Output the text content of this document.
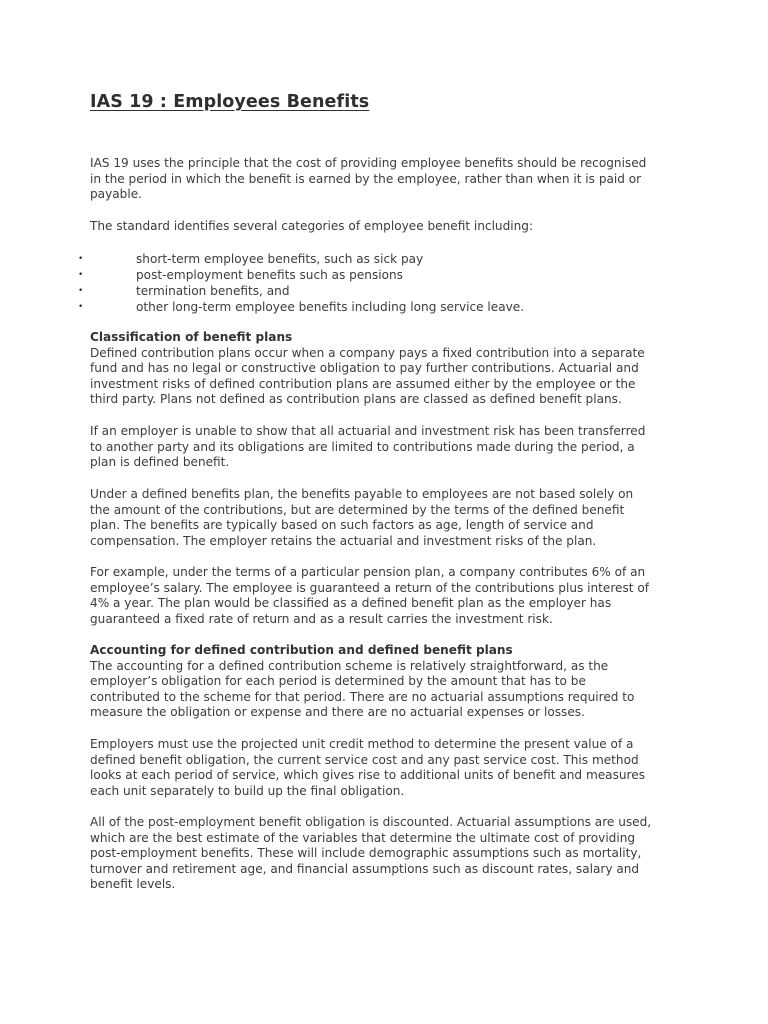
IAS 19 : Employees Benefits
IAS 19 uses the principle that the cost of providing employee benefits should be recognised
in the period in which the benefit is earned by the employee, rather than when it is paid or
payable.
The standard identifies several categories of employee benefit including:
•	short-term employee benefits, such as sick pay
•	post-employment benefits such as pensions
•	termination benefits, and
•	other long-term employee benefits including long service leave.
Classification of benefit plans
Defined contribution plans occur when a company pays a fixed contribution into a separate
fund and has no legal or constructive obligation to pay further contributions. Actuarial and
investment risks of defined contribution plans are assumed either by the employee or the
third party. Plans not defined as contribution plans are classed as defined benefit plans.
If an employer is unable to show that all actuarial and investment risk has been transferred
to another party and its obligations are limited to contributions made during the period, a
plan is defined benefit.
Under a defined benefits plan, the benefits payable to employees are not based solely on
the amount of the contributions, but are determined by the terms of the defined benefit
plan. The benefits are typically based on such factors as age, length of service and
compensation. The employer retains the actuarial and investment risks of the plan.
For example, under the terms of a particular pension plan, a company contributes 6% of an
employee’s salary. The employee is guaranteed a return of the contributions plus interest of
4% a year. The plan would be classified as a defined benefit plan as the employer has
guaranteed a fixed rate of return and as a result carries the investment risk.
Accounting for defined contribution and defined benefit plans
The accounting for a defined contribution scheme is relatively straightforward, as the
employer’s obligation for each period is determined by the amount that has to be
contributed to the scheme for that period. There are no actuarial assumptions required to
measure the obligation or expense and there are no actuarial expenses or losses.
Employers must use the projected unit credit method to determine the present value of a
defined benefit obligation, the current service cost and any past service cost. This method
looks at each period of service, which gives rise to additional units of benefit and measures
each unit separately to build up the final obligation.
All of the post-employment benefit obligation is discounted. Actuarial assumptions are used,
which are the best estimate of the variables that determine the ultimate cost of providing
post-employment benefits. These will include demographic assumptions such as mortality,
turnover and retirement age, and financial assumptions such as discount rates, salary and
benefit levels.
